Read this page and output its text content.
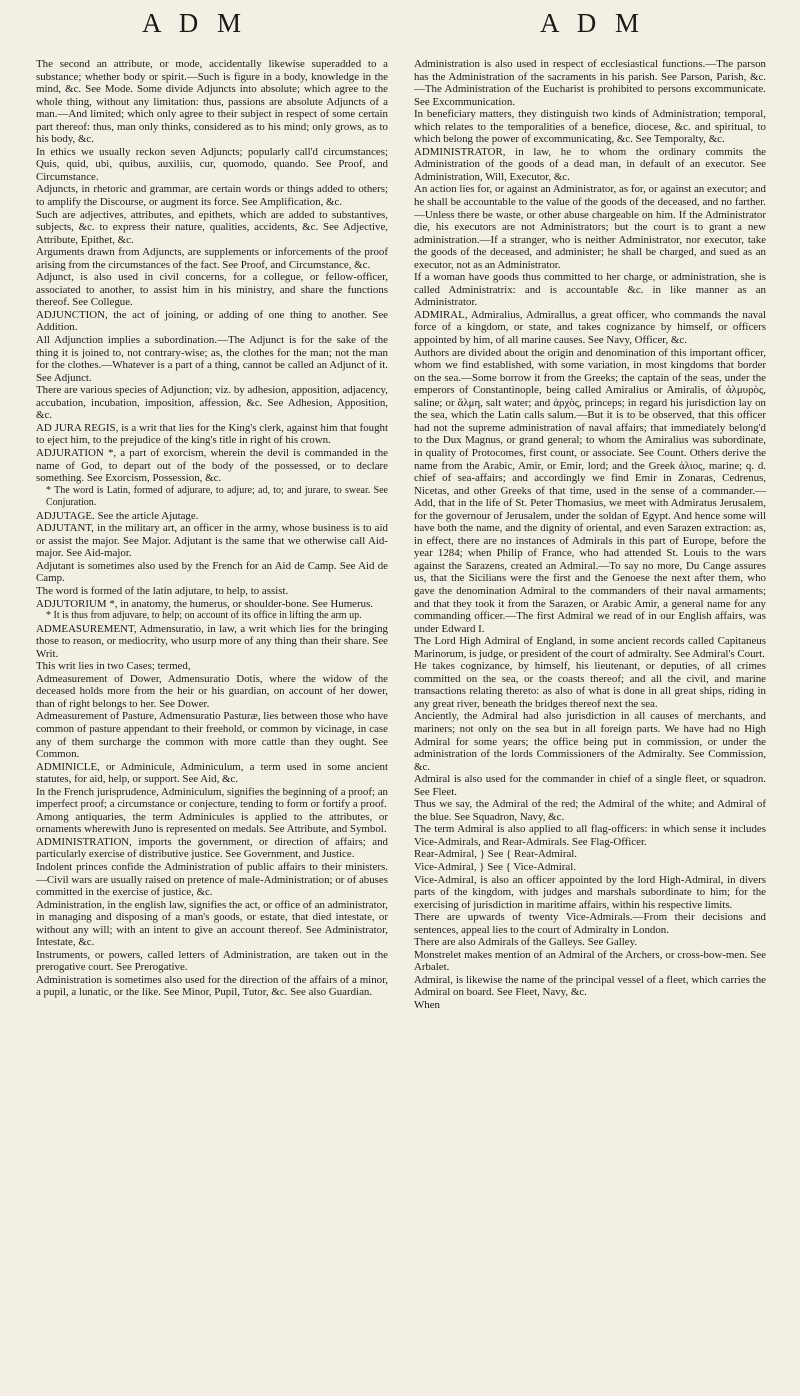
A D M	A D M

The second an attribute, or mode, accidentally likewise superadded to a substance; whether body or spirit.—Such is figure in a body, knowledge in the mind, &c. See Mode. Some divide Adjuncts into absolute; which agree to the whole thing, without any limitation: thus, passions are absolute Adjuncts of a man.—And limited; which only agree to their subject in respect of some certain part thereof: thus, man only thinks, considered as to his mind; only grows, as to his body, &c.

In ethics we usually reckon seven Adjuncts; popularly call'd circumstances; Quis, quid, ubi, quibus, auxiliis, cur, quomodo, quando. See Proof, and Circumstance.

Adjuncts, in rhetoric and grammar, are certain words or things added to others; to amplify the Discourse, or augment its force. See Amplification, &c.

Such are adjectives, attributes, and epithets, which are added to substantives, subjects, &c. to express their nature, qualities, accidents, &c. See Adjective, Attribute, Epithet, &c.

Arguments drawn from Adjuncts, are supplements or inforcements of the proof arising from the circumstances of the fact. See Proof, and Circumstance, &c.

Adjunct, is also used in civil concerns, for a collegue, or fellow-officer, associated to another, to assist him in his ministry, and share the functions thereof. See Collegue.

ADJUNCTION, the act of joining, or adding of one thing to another. See Addition.

All Adjunction implies a subordination.—The Adjunct is for the sake of the thing it is joined to, not contrary-wise; as, the clothes for the man; not the man for the clothes.—Whatever is a part of a thing, cannot be called an Adjunct of it. See Adjunct.

There are various species of Adjunction; viz. by adhesion, apposition, adjacency, accubation, incubation, imposition, affession, &c. See Adhesion, Apposition, &c.

AD JURA REGIS, is a writ that lies for the King's clerk, against him that fought to eject him, to the prejudice of the king's title in right of his crown.

ADJURATION *, a part of exorcism, wherein the devil is commanded in the name of God, to depart out of the body of the possessed, or to declare something. See Exorcism, Possession, &c.

* The word is Latin, formed of adjurare, to adjure; ad, to; and jurare, to swear. See Conjuration.

ADJUTAGE. See the article Ajutage.

ADJUTANT, in the military art, an officer in the army, whose business is to aid or assist the major. See Major. Adjutant is the same that we otherwise call Aid-major. See Aid-major.

Adjutant is sometimes also used by the French for an Aid de Camp. See Aid de Camp.

The word is formed of the latin adjutare, to help, to assist.

ADJUTORIUM *, in anatomy, the humerus, or shoulder-bone. See Humerus.

* It is thus from adjuvare, to help; on account of its office in lifting the arm up.

ADMEASUREMENT, Admensuratio, in law, a writ which lies for the bringing those to reason, or mediocrity, who usurp more of any thing than their share. See Writ.

This writ lies in two Cases; termed,

Admeasurement of Dower, Admensuratio Dotis, where the widow of the deceased holds more from the heir or his guardian, on account of her dower, than of right belongs to her. See Dower.

Admeasurement of Pasture, Admensuratio Pasturæ, lies between those who have common of pasture appendant to their freehold, or common by vicinage, in case any of them surcharge the common with more cattle than they ought. See Common.

ADMINICLE, or Adminicule, Adminiculum, a term used in some ancient statutes, for aid, help, or support. See Aid, &c.

In the French jurisprudence, Adminiculum, signifies the beginning of a proof; an imperfect proof; a circumstance or conjecture, tending to form or fortify a proof.

Among antiquaries, the term Adminicules is applied to the attributes, or ornaments wherewith Juno is represented on medals. See Attribute, and Symbol.

ADMINISTRATION, imports the government, or direction of affairs; and particularly exercise of distributive justice. See Government, and Justice.

Indolent princes confide the Administration of public affairs to their ministers.—Civil wars are usually raised on pretence of male-Administration; or of abuses committed in the exercise of justice, &c.

Administration, in the english law, signifies the act, or office of an administrator, in managing and disposing of a man's goods, or estate, that died intestate, or without any will; with an intent to give an account thereof. See Administrator, Intestate, &c.

Instruments, or powers, called letters of Administration, are taken out in the prerogative court. See Prerogative.

Administration is sometimes also used for the direction of the affairs of a minor, a pupil, a lunatic, or the like. See Minor, Pupil, Tutor, &c. See also Guardian.

Administration is also used in respect of ecclesiastical functions.—The parson has the Administration of the sacraments in his parish. See Parson, Parish, &c.—The Administration of the Eucharist is prohibited to persons excommunicate. See Excommunication.

In beneficiary matters, they distinguish two kinds of Administration; temporal, which relates to the temporalities of a benefice, diocese, &c. and spiritual, to which belong the power of excommunicating, &c. See Temporalty, &c.

ADMINISTRATOR, in law, he to whom the ordinary commits the Administration of the goods of a dead man, in default of an executor. See Administration, Will, Executor, &c.

An action lies for, or against an Administrator, as for, or against an executor; and he shall be accountable to the value of the goods of the deceased, and no farther.—Unless there be waste, or other abuse chargeable on him. If the Administrator die, his executors are not Administrators; but the court is to grant a new administration.—If a stranger, who is neither Administrator, nor executor, take the goods of the deceased, and administer; he shall be charged, and sued as an executor, not as an Administrator.

If a woman have goods thus committed to her charge, or administration, she is called Administratrix: and is accountable &c. in like manner as an Administrator.

ADMIRAL, Admiralius, Admirallus, a great officer, who commands the naval force of a kingdom, or state, and takes cognizance by himself, or officers appointed by him, of all marine causes. See Navy, Officer, &c.

Authors are divided about the origin and denomination of this important officer, whom we find established, with some variation, in most kingdoms that border on the sea.—Some borrow it from the Greeks; the captain of the seas, under the emperors of Constantinople, being called Amiralius or Amiralis, of ἁλμυρὸς, saline; or ἅλμη, salt water; and ἀρχὸς, princeps; in regard his jurisdiction lay on the sea, which the Latin calls salum.—But it is to be observed, that this officer had not the supreme administration of naval affairs; that immediately belong'd to the Dux Magnus, or grand general; to whom the Amiralius was subordinate, in quality of Protocomes, first count, or associate. See Count. Others derive the name from the Arabic, Amir, or Emir, lord; and the Greek ἁλιος, marine; q. d. chief of sea-affairs; and accordingly we find Emir in Zonaras, Cedrenus, Nicetas, and other Greeks of that time, used in the sense of a commander.—Add, that in the life of St. Peter Thomasius, we meet with Admiratus Jerusalem, for the governour of Jerusalem, under the soldan of Egypt. And hence some will have both the name, and the dignity of oriental, and even Sarazen extraction: as, in effect, there are no instances of Admirals in this part of Europe, before the year 1284; when Philip of France, who had attended St. Louis to the wars against the Sarazens, created an Admiral.—To say no more, Du Cange assures us, that the Sicilians were the first and the Genoese the next after them, who gave the denomination Admiral to the commanders of their naval armaments; and that they took it from the Sarazen, or Arabic Amir, a general name for any commanding officer.—The first Admiral we read of in our English affairs, was under Edward I.

The Lord High Admiral of England, in some ancient records called Capitaneus Marinorum, is judge, or president of the court of admiralty. See Admiral's Court.

He takes cognizance, by himself, his lieutenant, or deputies, of all crimes committed on the sea, or the coasts thereof; and all the civil, and marine transactions relating thereto: as also of what is done in all great ships, riding in any great river, beneath the bridges thereof next the sea.

Anciently, the Admiral had also jurisdiction in all causes of merchants, and mariners; not only on the sea but in all foreign parts. We have had no High Admiral for some years; the office being put in commission, or under the administration of the lords Commissioners of the Admiralty. See Commission, &c.

Admiral is also used for the commander in chief of a single fleet, or squadron. See Fleet.

Thus we say, the Admiral of the red; the Admiral of the white; and Admiral of the blue. See Squadron, Navy, &c.

The term Admiral is also applied to all flag-officers: in which sense it includes Vice-Admirals, and Rear-Admirals. See Flag-Officer.

Rear-Admiral, } See { Rear-Admiral.

Vice-Admiral, } See { Vice-Admiral.

Vice-Admiral, is also an officer appointed by the lord High-Admiral, in divers parts of the kingdom, with judges and marshals subordinate to him; for the exercising of jurisdiction in maritime affairs, within his respective limits.

There are upwards of twenty Vice-Admirals.—From their decisions and sentences, appeal lies to the court of Admiralty in London.

There are also Admirals of the Galleys. See Galley.

Monstrelet makes mention of an Admiral of the Archers, or cross-bow-men. See Arbalet.

Admiral, is likewise the name of the principal vessel of a fleet, which carries the Admiral on board. See Fleet, Navy, &c.

When
